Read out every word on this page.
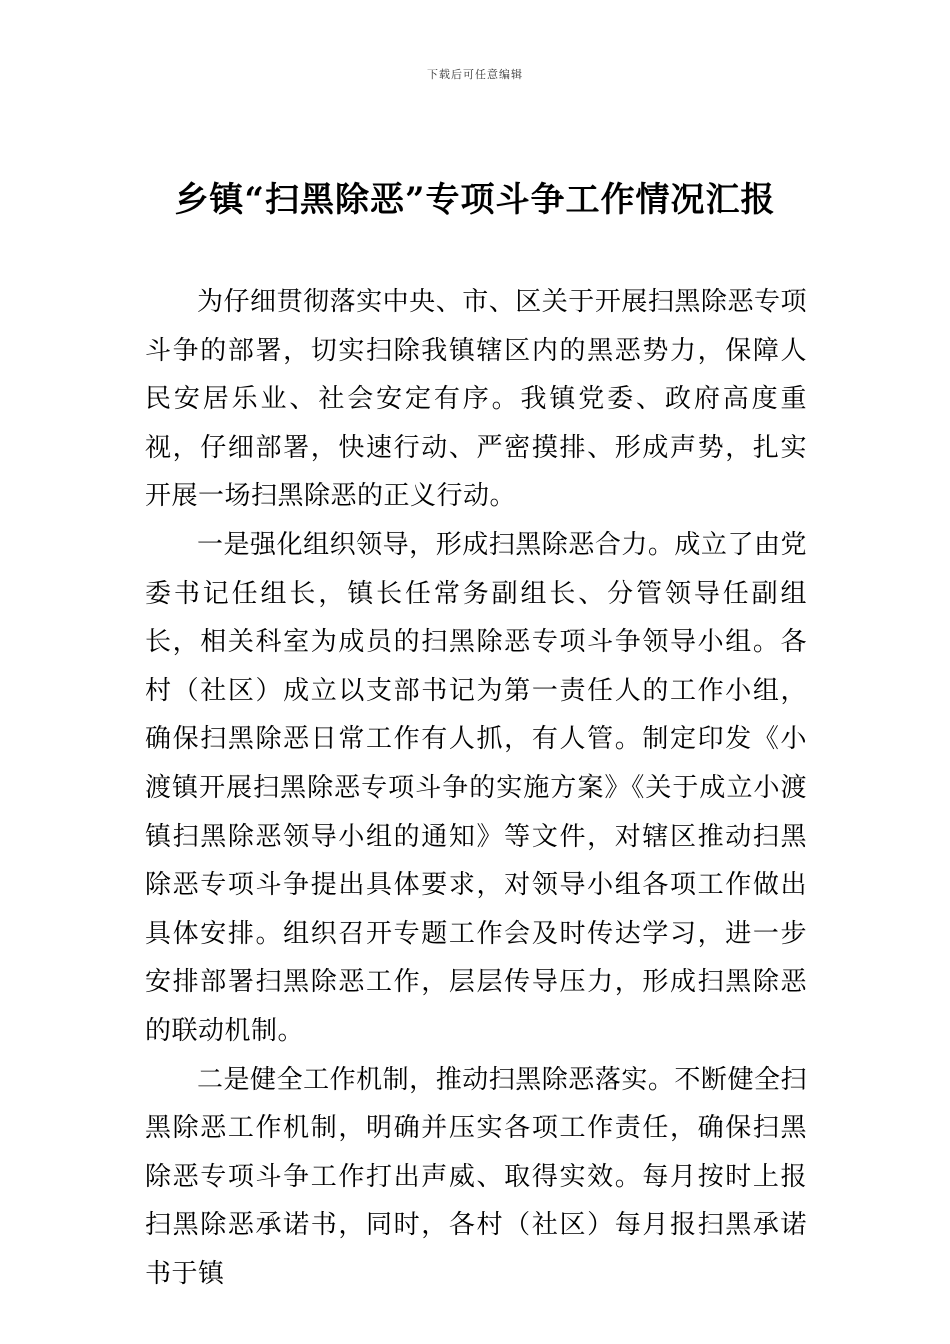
下载后可任意编辑
乡镇“扫黑除恶”专项斗争工作情况汇报

为仔细贯彻落实中央、市、区关于开展扫黑除恶专项斗争的部署，切实扫除我镇辖区内的黑恶势力，保障人民安居乐业、社会安定有序。我镇党委、政府高度重视，仔细部署，快速行动、严密摸排、形成声势，扎实开展一场扫黑除恶的正义行动。

一是强化组织领导，形成扫黑除恶合力。成立了由党委书记任组长，镇长任常务副组长、分管领导任副组长，相关科室为成员的扫黑除恶专项斗争领导小组。各村（社区）成立以支部书记为第一责任人的工作小组，确保扫黑除恶日常工作有人抓，有人管。制定印发《小渡镇开展扫黑除恶专项斗争的实施方案》《关于成立小渡镇扫黑除恶领导小组的通知》等文件，对辖区推动扫黑除恶专项斗争提出具体要求，对领导小组各项工作做出具体安排。组织召开专题工作会及时传达学习，进一步安排部署扫黑除恶工作，层层传导压力，形成扫黑除恶的联动机制。

二是健全工作机制，推动扫黑除恶落实。不断健全扫黑除恶工作机制，明确并压实各项工作责任，确保扫黑除恶专项斗争工作打出声威、取得实效。每月按时上报扫黑除恶承诺书，同时，各村（社区）每月报扫黑承诺书于镇
